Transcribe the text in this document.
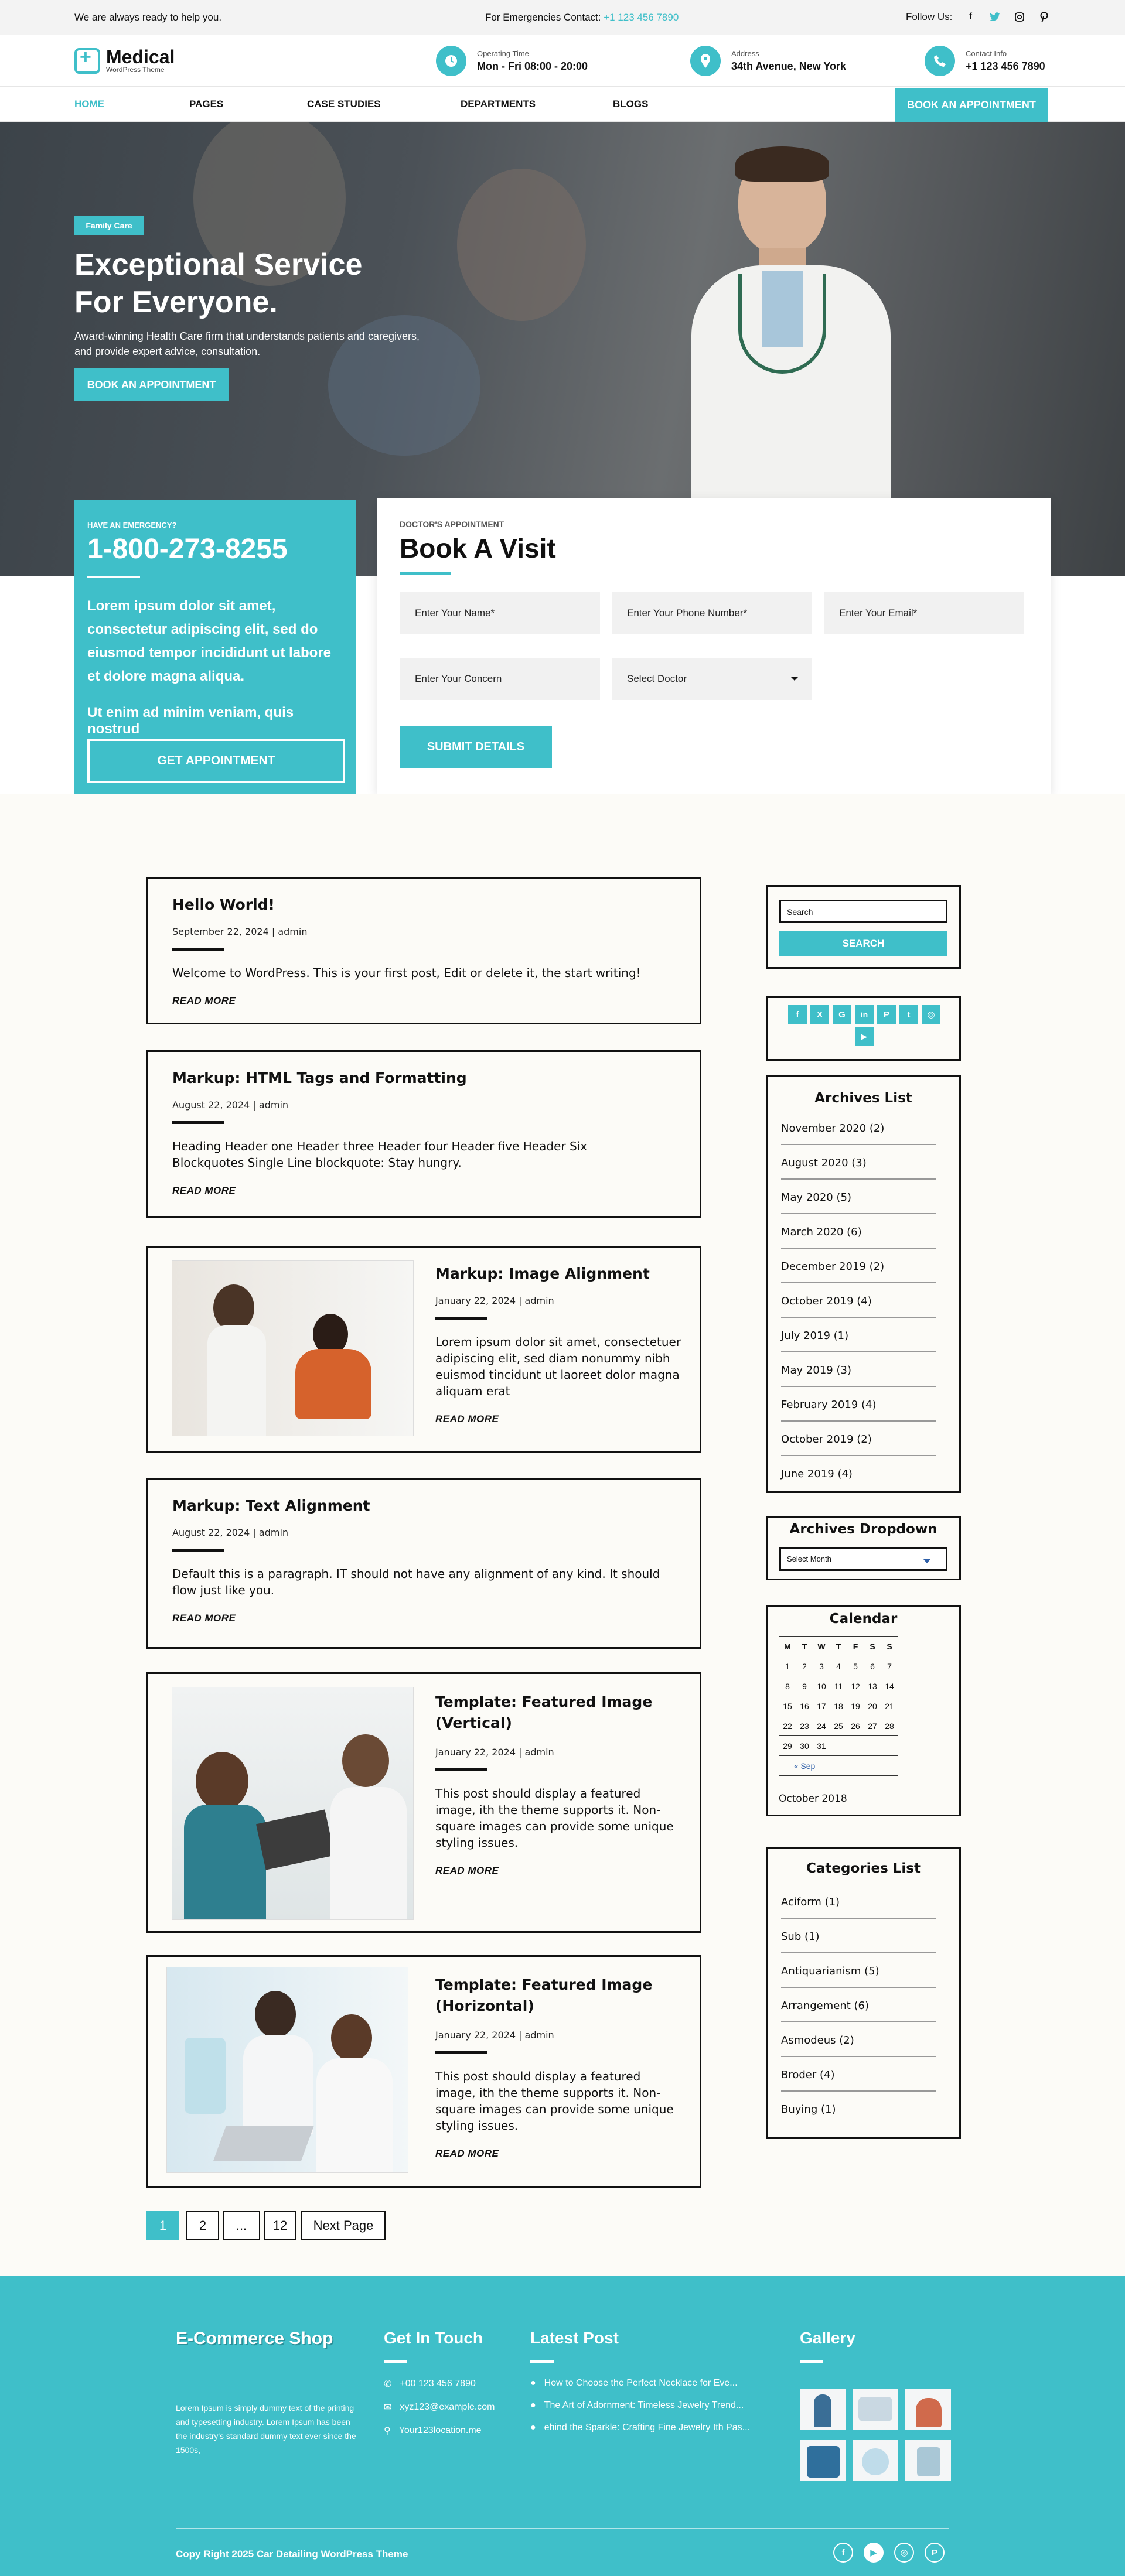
We are always ready to help you.	For Emergencies Contact: +1 123 456 7890	Follow Us:	f
+
Medical
WordPress Theme
Operating Time
Mon - Fri 08:00 - 20:00
Address
34th Avenue, New York
Contact Info
+1 123 456 7890
HOME	PAGES	CASE STUDIES	DEPARTMENTS	BLOGS	BOOK AN APPOINTMENT
Family Care
Exceptional Service
For Everyone.
Award-winning Health Care firm that understands patients and caregivers, and provide expert advice, consultation.
BOOK AN APPOINTMENT
HAVE AN EMERGENCY?
1-800-273-8255
Lorem ipsum dolor sit amet, consectetur adipiscing elit, sed do eiusmod tempor incididunt ut labore et dolore magna aliqua.
Ut enim ad minim veniam, quis nostrud
GET APPOINTMENT
DOCTOR'S APPOINTMENT
Book A Visit
Enter Your Name*	Enter Your Phone Number*	Enter Your Email*
Enter Your Concern	Select Doctor
SUBMIT DETAILS
Hello World!
September 22, 2024 | admin
Welcome to WordPress. This is your first post, Edit or delete it, the start writing!
READ MORE
Markup: HTML Tags and Formatting
August 22, 2024 | admin
Heading Header one Header three Header four Header five Header Six Blockquotes Single Line blockquote: Stay hungry.
READ MORE
Markup: Image Alignment
January 22, 2024 | admin
Lorem ipsum dolor sit amet, consectetuer adipiscing elit, sed diam nonummy nibh euismod tincidunt ut laoreet dolor magna aliquam erat
READ MORE
Markup: Text Alignment
August 22, 2024 | admin
Default this is a paragraph. IT should not have any alignment of any kind. It should flow just like you.
READ MORE
Template: Featured Image (Vertical)
January 22, 2024 | admin
This post should display a featured image, ith the theme supports it. Non-square images can provide some unique styling issues.
READ MORE
Template: Featured Image (Horizontal)
January 22, 2024 | admin
This post should display a featured image, ith the theme supports it. Non-square images can provide some unique styling issues.
READ MORE
1	2	...	12	Next Page
Search
SEARCH
f	X	G	in	P	t	◎
▶
Archives List
November 2020 (2)
August 2020 (3)
May 2020 (5)
March 2020 (6)
December 2019 (2)
October 2019 (4)
July 2019 (1)
May 2019 (3)
February 2019 (4)
October 2019 (2)
June 2019 (4)
Archives Dropdown
Select Month
Calendar
M	T	W	T	F	S	S
1	2	3	4	5	6	7
8	9	10	11	12	13	14
15	16	17	18	19	20	21
22	23	24	25	26	27	28
29	30	31				
« Sep						
October 2018
Categories List
Aciform (1)
Sub (1)
Antiquarianism (5)
Arrangement (6)
Asmodeus (2)
Broder (4)
Buying (1)
E-Commerce Shop
Lorem Ipsum is simply dummy text of the printing and typesetting industry. Lorem Ipsum has been the industry's standard dummy text ever since the 1500s,
Get In Touch
✆ +00 123 456 7890
✉ xyz123@example.com
⚲ Your123location.me
Latest Post
● How to Choose the Perfect Necklace for Eve...
● The Art of Adornment: Timeless Jewelry Trend...
● ehind the Sparkle: Crafting Fine Jewelry Ith Pas...
Gallery
Copy Right 2025 Car Detailing WordPress Theme	f	▶	◎	P
